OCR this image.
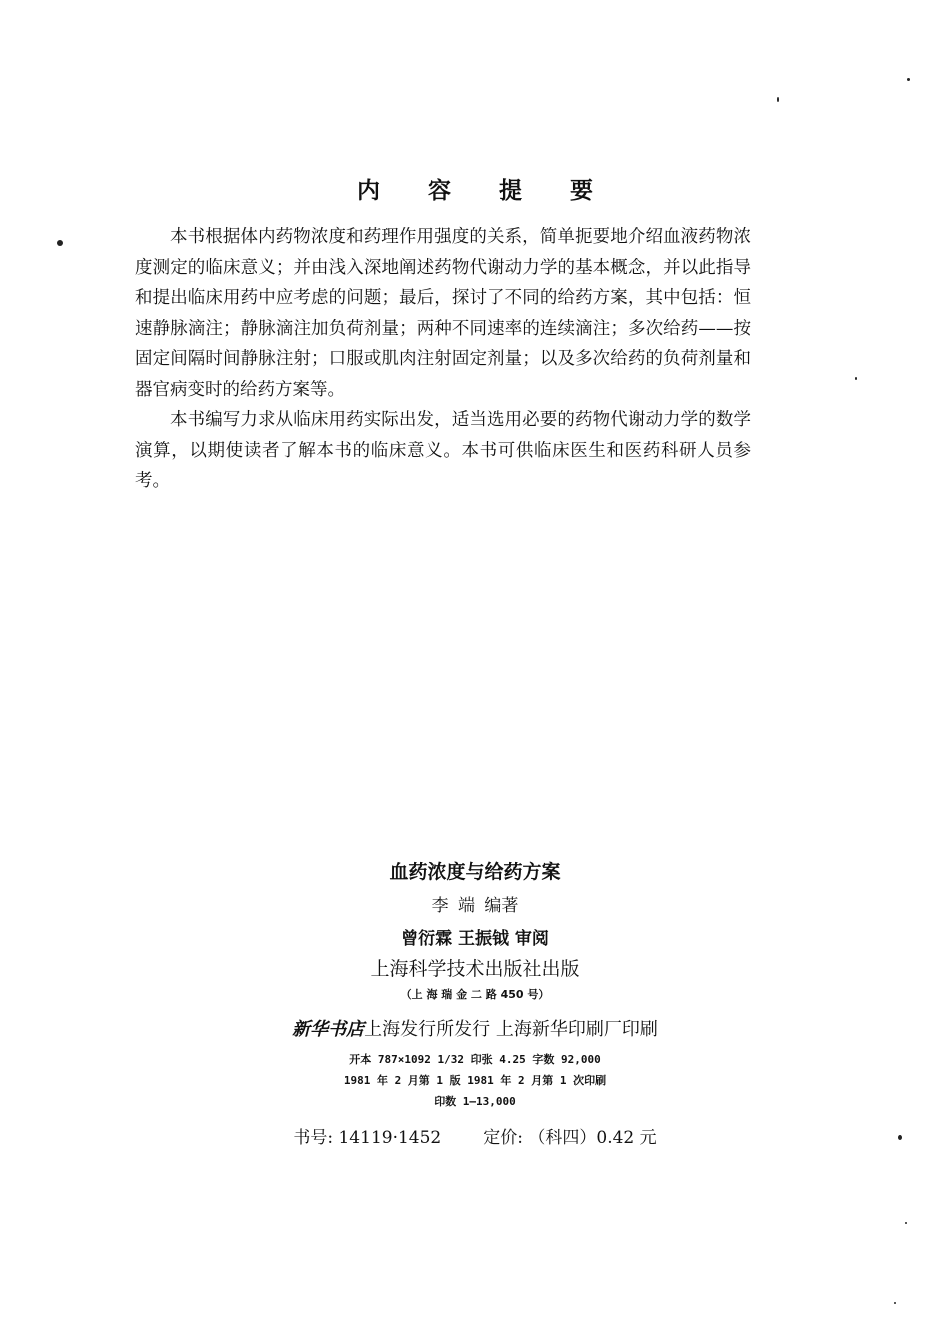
内 容 提 要

本书根据体内药物浓度和药理作用强度的关系，简单扼要地介绍血液药物浓度测定的临床意义；并由浅入深地阐述药物代谢动力学的基本概念，并以此指导和提出临床用药中应考虑的问题；最后，探讨了不同的给药方案，其中包括：恒速静脉滴注；静脉滴注加负荷剂量；两种不同速率的连续滴注；多次给药——按固定间隔时间静脉注射；口服或肌肉注射固定剂量；以及多次给药的负荷剂量和器官病变时的给药方案等。

本书编写力求从临床用药实际出发，适当选用必要的药物代谢动力学的数学演算，以期使读者了解本书的临床意义。本书可供临床医生和医药科研人员参考。

血药浓度与给药方案
李 端 编著
曾衍霖 王振钺 审阅
上海科学技术出版社出版
（上 海 瑞 金 二 路 450 号）
新华书店上海发行所发行 上海新华印刷厂印刷
开本 787×1092 1/32 印张 4.25 字数 92,000
1981 年 2 月第 1 版 1981 年 2 月第 1 次印刷
印数 1—13,000
书号: 14119·1452 定价: （科四）0.42 元
